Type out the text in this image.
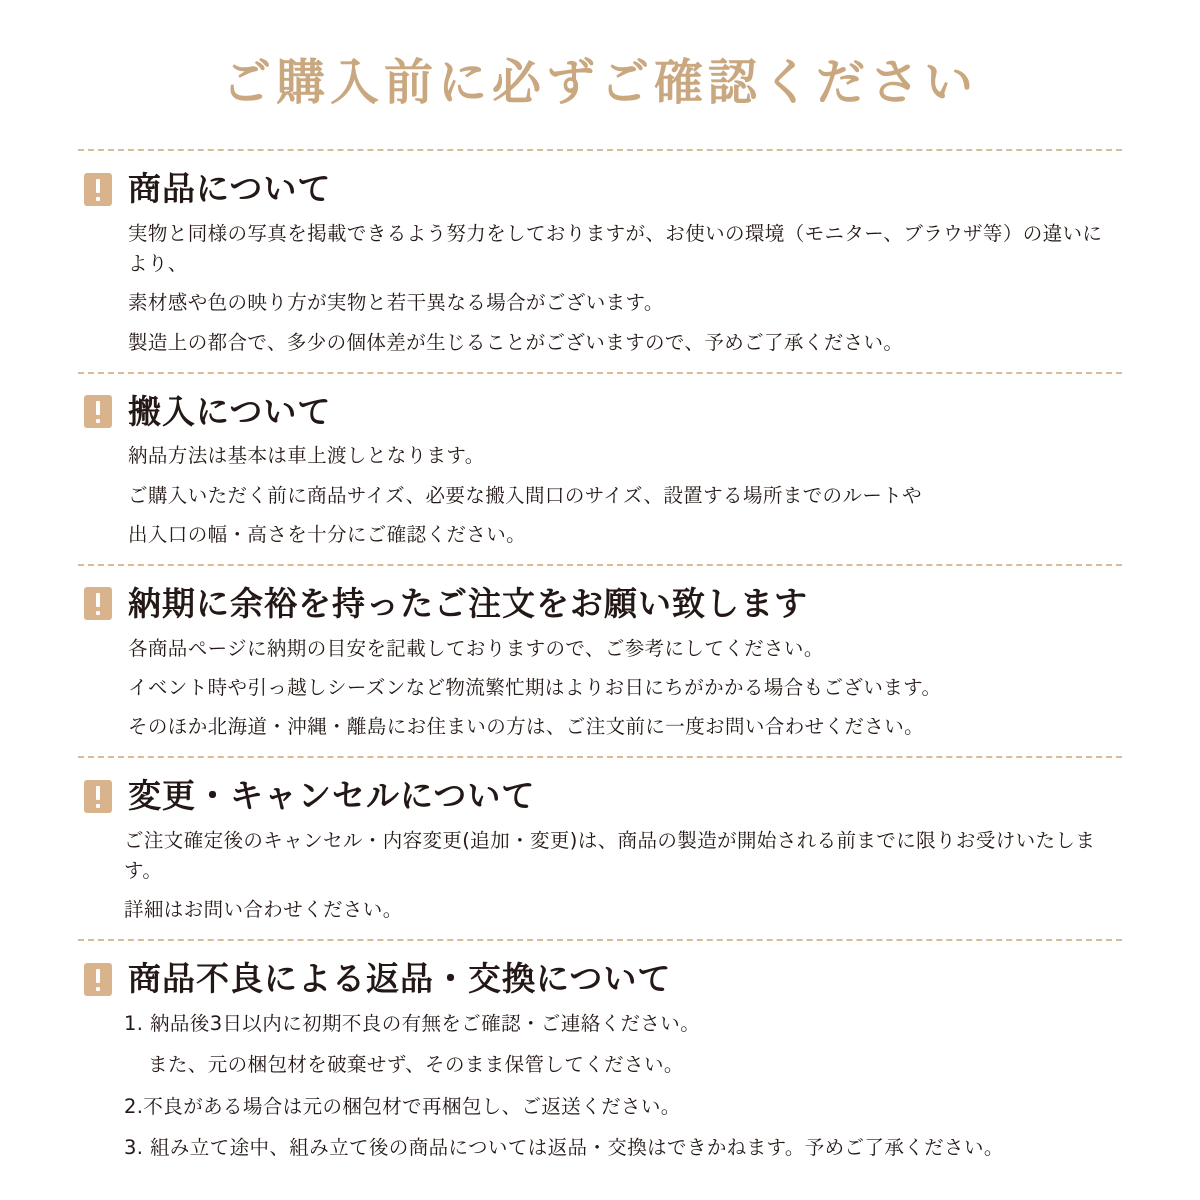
ご購入前に必ずご確認ください
商品について

実物と同様の写真を掲載できるよう努力をしておりますが、お使いの環境（モニター、ブラウザ等）の違いにより、

素材感や色の映り方が実物と若干異なる場合がございます。

製造上の都合で、多少の個体差が生じることがございますので、予めご了承ください。

搬入について

納品方法は基本は車上渡しとなります。

ご購入いただく前に商品サイズ、必要な搬入間口のサイズ、設置する場所までのルートや

出入口の幅・高さを十分にご確認ください。

納期に余裕を持ったご注文をお願い致します

各商品ページに納期の目安を記載しておりますので、ご参考にしてください。

イベント時や引っ越しシーズンなど物流繁忙期はよりお日にちがかかる場合もございます。

そのほか北海道・沖縄・離島にお住まいの方は、ご注文前に一度お問い合わせください。

変更・キャンセルについて

ご注文確定後のキャンセル・内容変更(追加・変更)は、商品の製造が開始される前までに限りお受けいたします。

詳細はお問い合わせください。

商品不良による返品・交換について

1. 納品後3日以内に初期不良の有無をご確認・ご連絡ください。

また、元の梱包材を破棄せず、そのまま保管してください。

2.不良がある場合は元の梱包材で再梱包し、ご返送ください。

3. 組み立て途中、組み立て後の商品については返品・交換はできかねます。予めご了承ください。
